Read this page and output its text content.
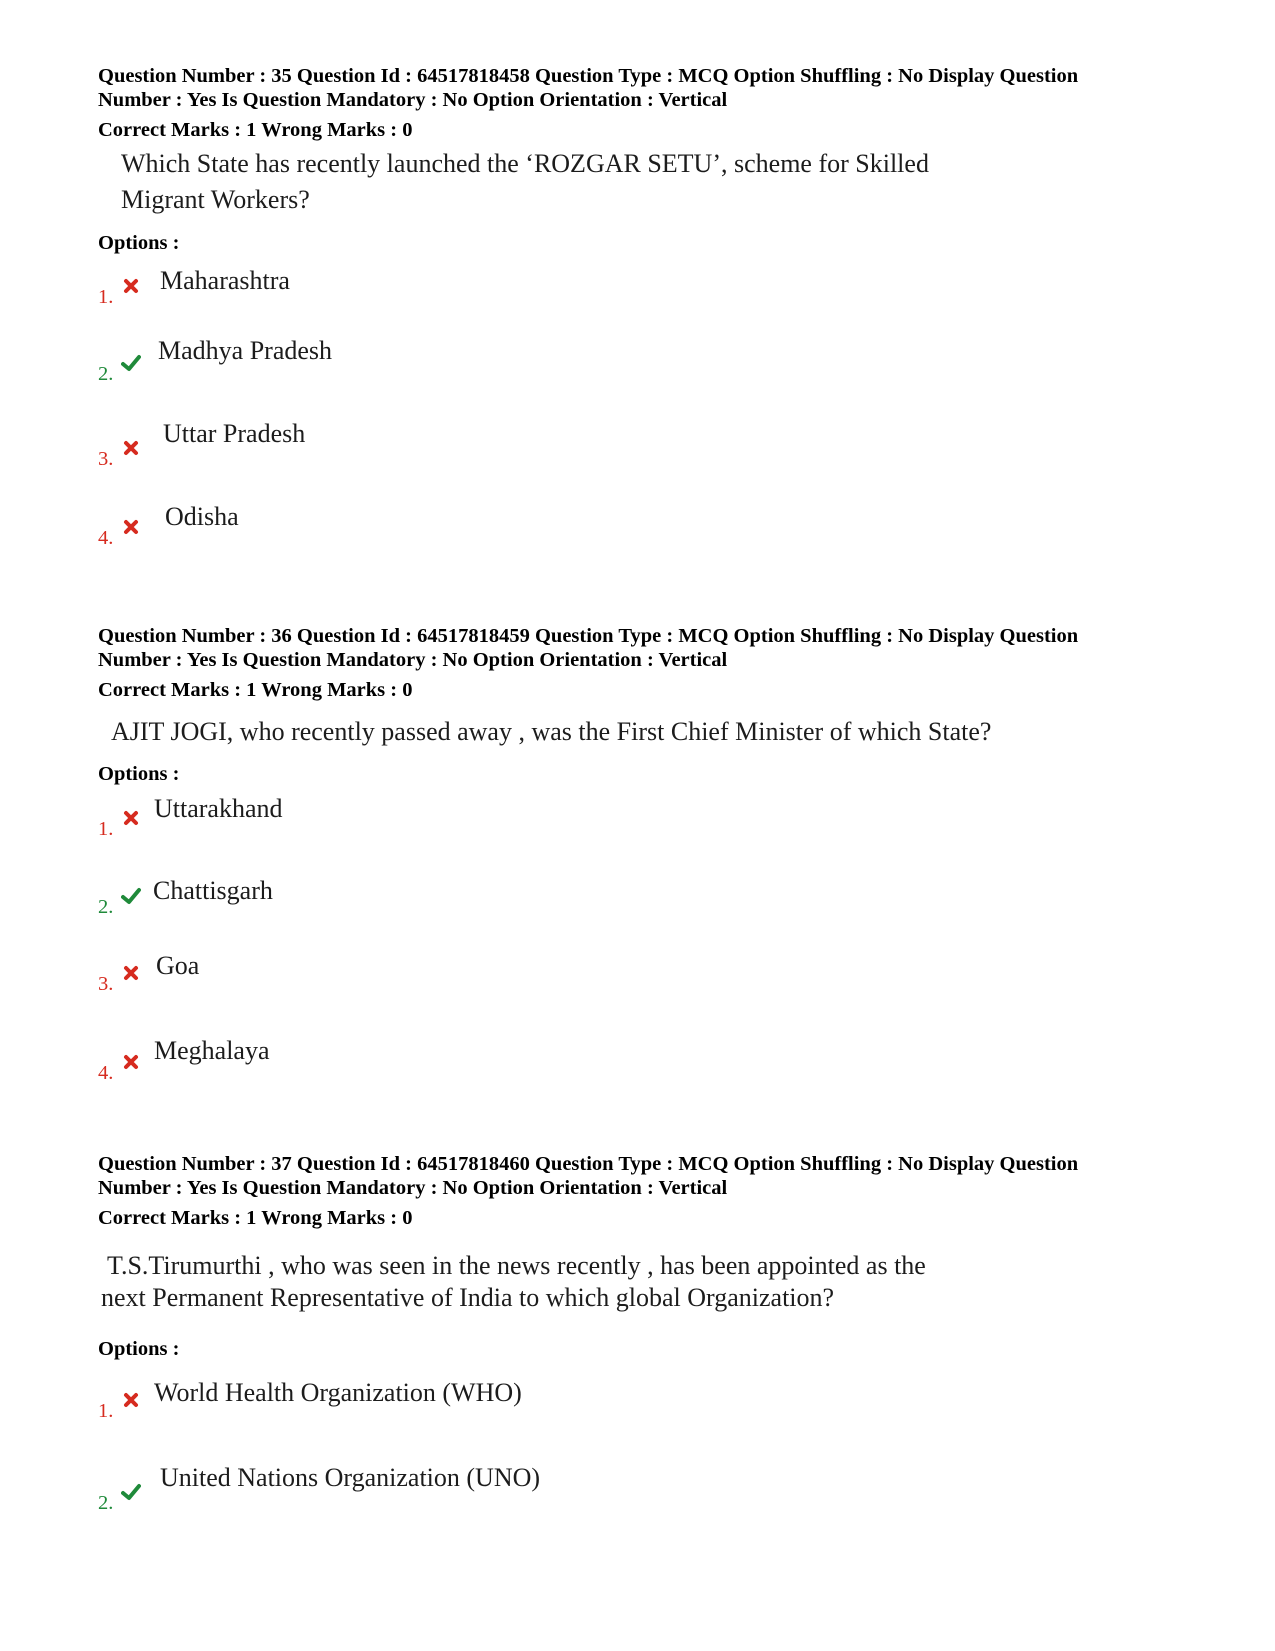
Question Number : 35 Question Id : 64517818458 Question Type : MCQ Option Shuffling : No Display Question

Number : Yes Is Question Mandatory : No Option Orientation : Vertical

Correct Marks : 1 Wrong Marks : 0
Which State has recently launched the ‘ROZGAR SETU’, scheme for Skilled
Migrant Workers?
Options :
1.
Maharashtra
2.
Madhya Pradesh
3.
Uttar Pradesh
4.
Odisha

Question Number : 36 Question Id : 64517818459 Question Type : MCQ Option Shuffling : No Display Question

Number : Yes Is Question Mandatory : No Option Orientation : Vertical

Correct Marks : 1 Wrong Marks : 0
AJIT JOGI, who recently passed away , was the First Chief Minister of which State?
Options :
1.
Uttarakhand
2.
Chattisgarh
3.
Goa
4.
Meghalaya

Question Number : 37 Question Id : 64517818460 Question Type : MCQ Option Shuffling : No Display Question

Number : Yes Is Question Mandatory : No Option Orientation : Vertical

Correct Marks : 1 Wrong Marks : 0
T.S.Tirumurthi , who was seen in the news recently , has been appointed as the
next Permanent Representative of India to which global Organization?
Options :
1.
World Health Organization (WHO)
2.
United Nations Organization (UNO)
